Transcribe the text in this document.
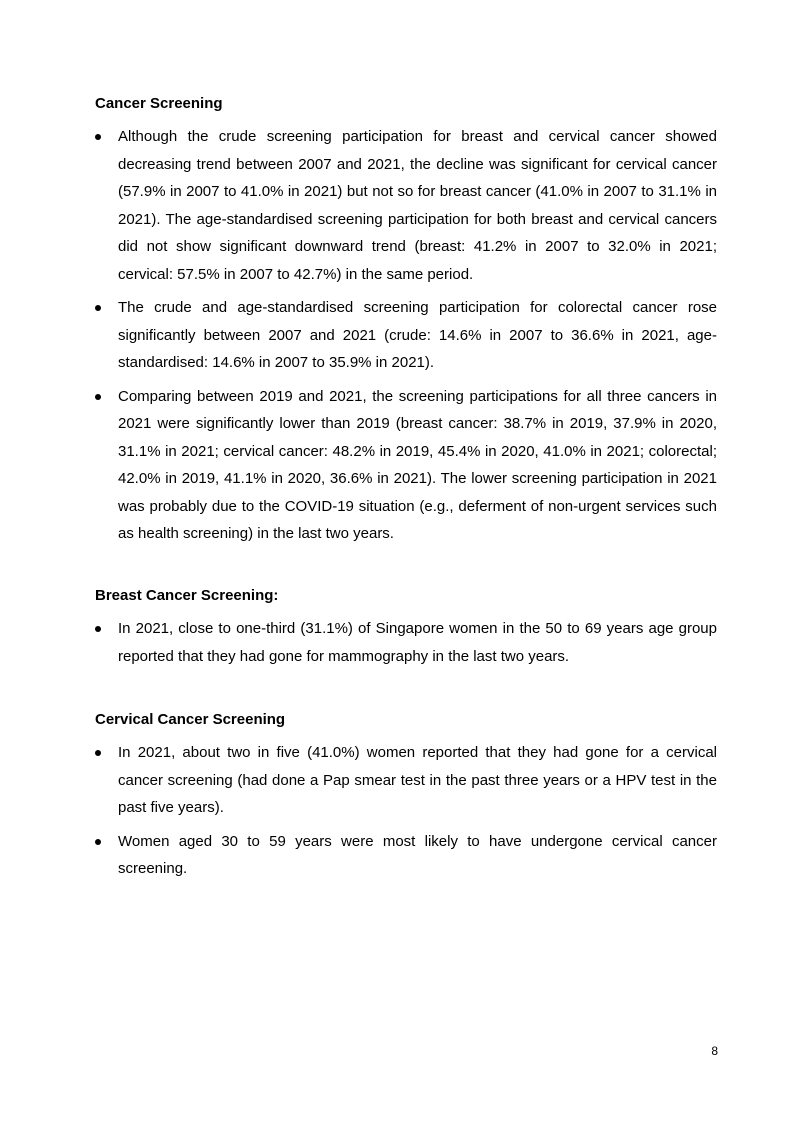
Cancer Screening

Although the crude screening participation for breast and cervical cancer showed decreasing trend between 2007 and 2021, the decline was significant for cervical cancer (57.9% in 2007 to 41.0% in 2021) but not so for breast cancer (41.0% in 2007 to 31.1% in 2021). The age-standardised screening participation for both breast and cervical cancers did not show significant downward trend (breast: 41.2% in 2007 to 32.0% in 2021; cervical: 57.5% in 2007 to 42.7%) in the same period.
The crude and age-standardised screening participation for colorectal cancer rose significantly between 2007 and 2021 (crude: 14.6% in 2007 to 36.6% in 2021, age-standardised: 14.6% in 2007 to 35.9% in 2021).
Comparing between 2019 and 2021, the screening participations for all three cancers in 2021 were significantly lower than 2019 (breast cancer: 38.7% in 2019, 37.9% in 2020, 31.1% in 2021; cervical cancer: 48.2% in 2019, 45.4% in 2020, 41.0% in 2021; colorectal; 42.0% in 2019, 41.1% in 2020, 36.6% in 2021). The lower screening participation in 2021 was probably due to the COVID-19 situation (e.g., deferment of non-urgent services such as health screening) in the last two years.

Breast Cancer Screening:

In 2021, close to one-third (31.1%) of Singapore women in the 50 to 69 years age group reported that they had gone for mammography in the last two years.

Cervical Cancer Screening

In 2021, about two in five (41.0%) women reported that they had gone for a cervical cancer screening (had done a Pap smear test in the past three years or a HPV test in the past five years).
Women aged 30 to 59 years were most likely to have undergone cervical cancer screening.
8
